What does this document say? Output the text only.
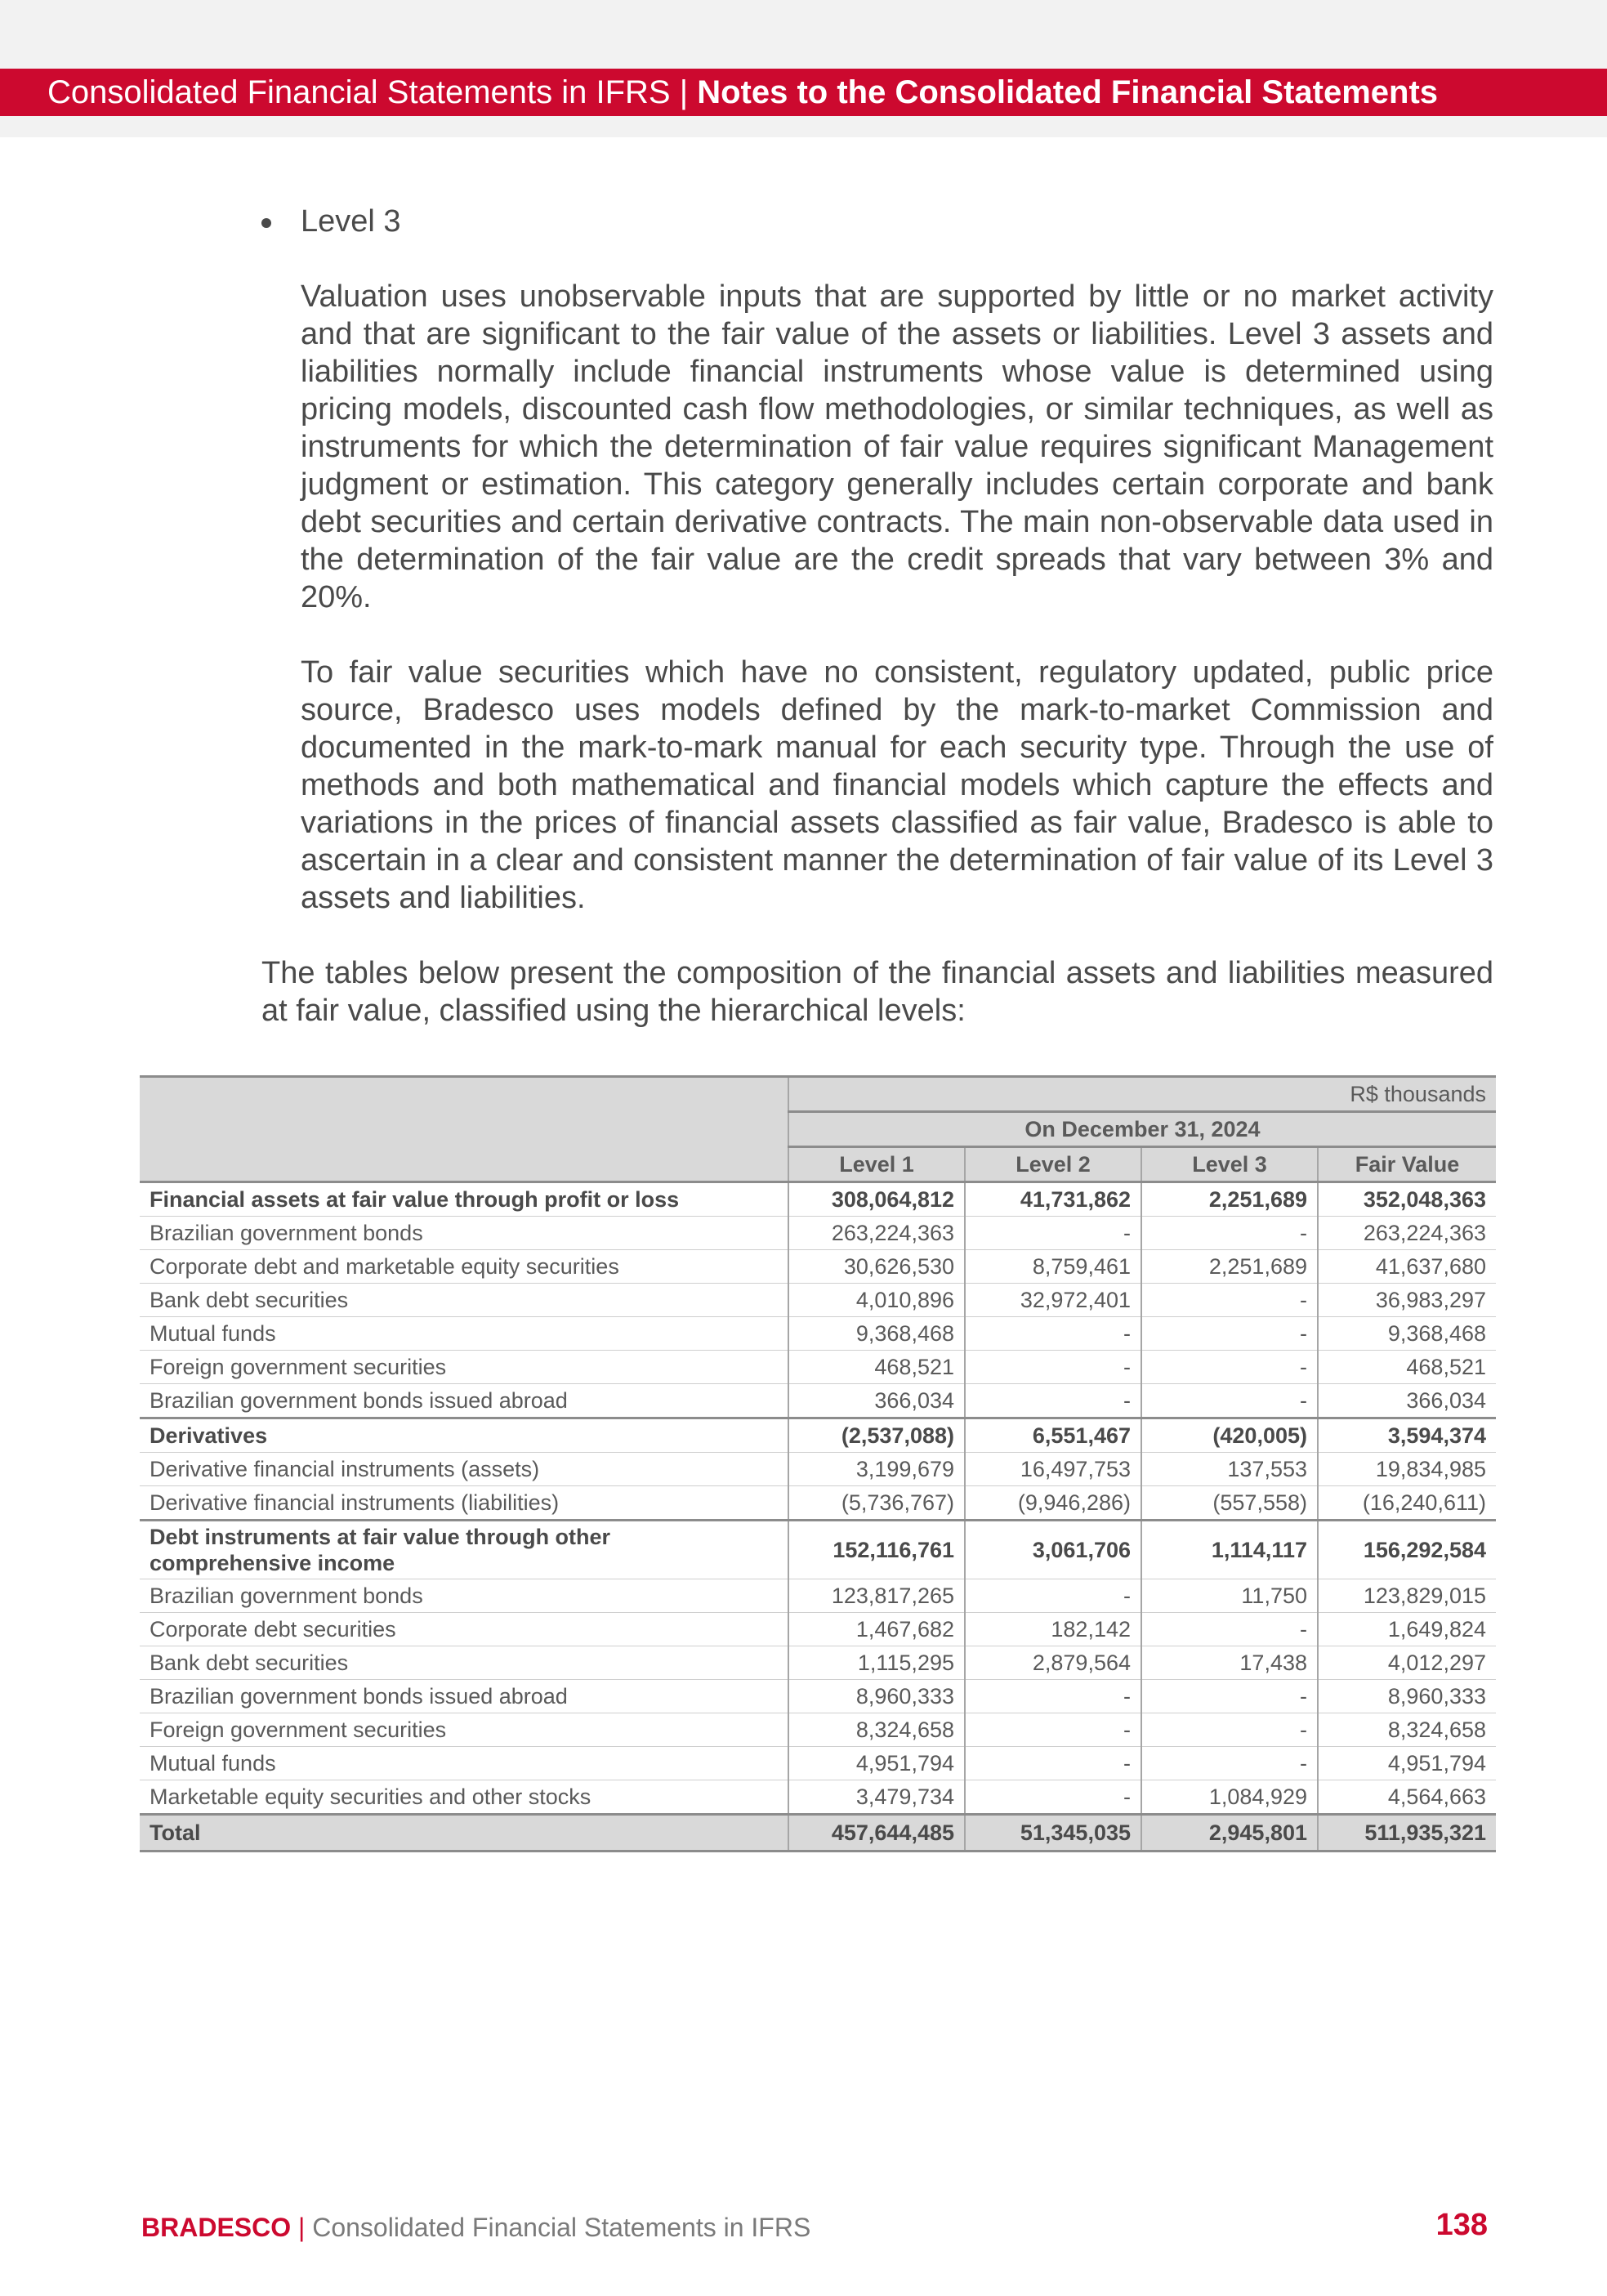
Consolidated Financial Statements in IFRS | Notes to the Consolidated Financial Statements
Level 3

Valuation uses unobservable inputs that are supported by little or no market activity and that are significant to the fair value of the assets or liabilities. Level 3 assets and liabilities normally include financial instruments whose value is determined using pricing models, discounted cash flow methodologies, or similar techniques, as well as instruments for which the determination of fair value requires significant Management judgment or estimation. This category generally includes certain corporate and bank debt securities and certain derivative contracts. The main non-observable data used in the determination of the fair value are the credit spreads that vary between 3% and 20%.

To fair value securities which have no consistent, regulatory updated, public price source, Bradesco uses models defined by the mark-to-market Commission and documented in the mark-to-mark manual for each security type. Through the use of methods and both mathematical and financial models which capture the effects and variations in the prices of financial assets classified as fair value, Bradesco is able to ascertain in a clear and consistent manner the determination of fair value of its Level 3 assets and liabilities.

The tables below present the composition of the financial assets and liabilities measured at fair value, classified using the hierarchical levels:

	R$ thousands			
	On December 31, 2024			
	Level 1	Level 2	Level 3	Fair Value
Financial assets at fair value through profit or loss	308,064,812	41,731,862	2,251,689	352,048,363
Brazilian government bonds	263,224,363	-	-	263,224,363
Corporate debt and marketable equity securities	30,626,530	8,759,461	2,251,689	41,637,680
Bank debt securities	4,010,896	32,972,401	-	36,983,297
Mutual funds	9,368,468	-	-	9,368,468
Foreign government securities	468,521	-	-	468,521
Brazilian government bonds issued abroad	366,034	-	-	366,034
Derivatives	(2,537,088)	6,551,467	(420,005)	3,594,374
Derivative financial instruments (assets)	3,199,679	16,497,753	137,553	19,834,985
Derivative financial instruments (liabilities)	(5,736,767)	(9,946,286)	(557,558)	(16,240,611)
Debt instruments at fair value through other comprehensive income	152,116,761	3,061,706	1,114,117	156,292,584
Brazilian government bonds	123,817,265	-	11,750	123,829,015
Corporate debt securities	1,467,682	182,142	-	1,649,824
Bank debt securities	1,115,295	2,879,564	17,438	4,012,297
Brazilian government bonds issued abroad	8,960,333	-	-	8,960,333
Foreign government securities	8,324,658	-	-	8,324,658
Mutual funds	4,951,794	-	-	4,951,794
Marketable equity securities and other stocks	3,479,734	-	1,084,929	4,564,663
Total	457,644,485	51,345,035	2,945,801	511,935,321
BRADESCO | Consolidated Financial Statements in IFRS	138
